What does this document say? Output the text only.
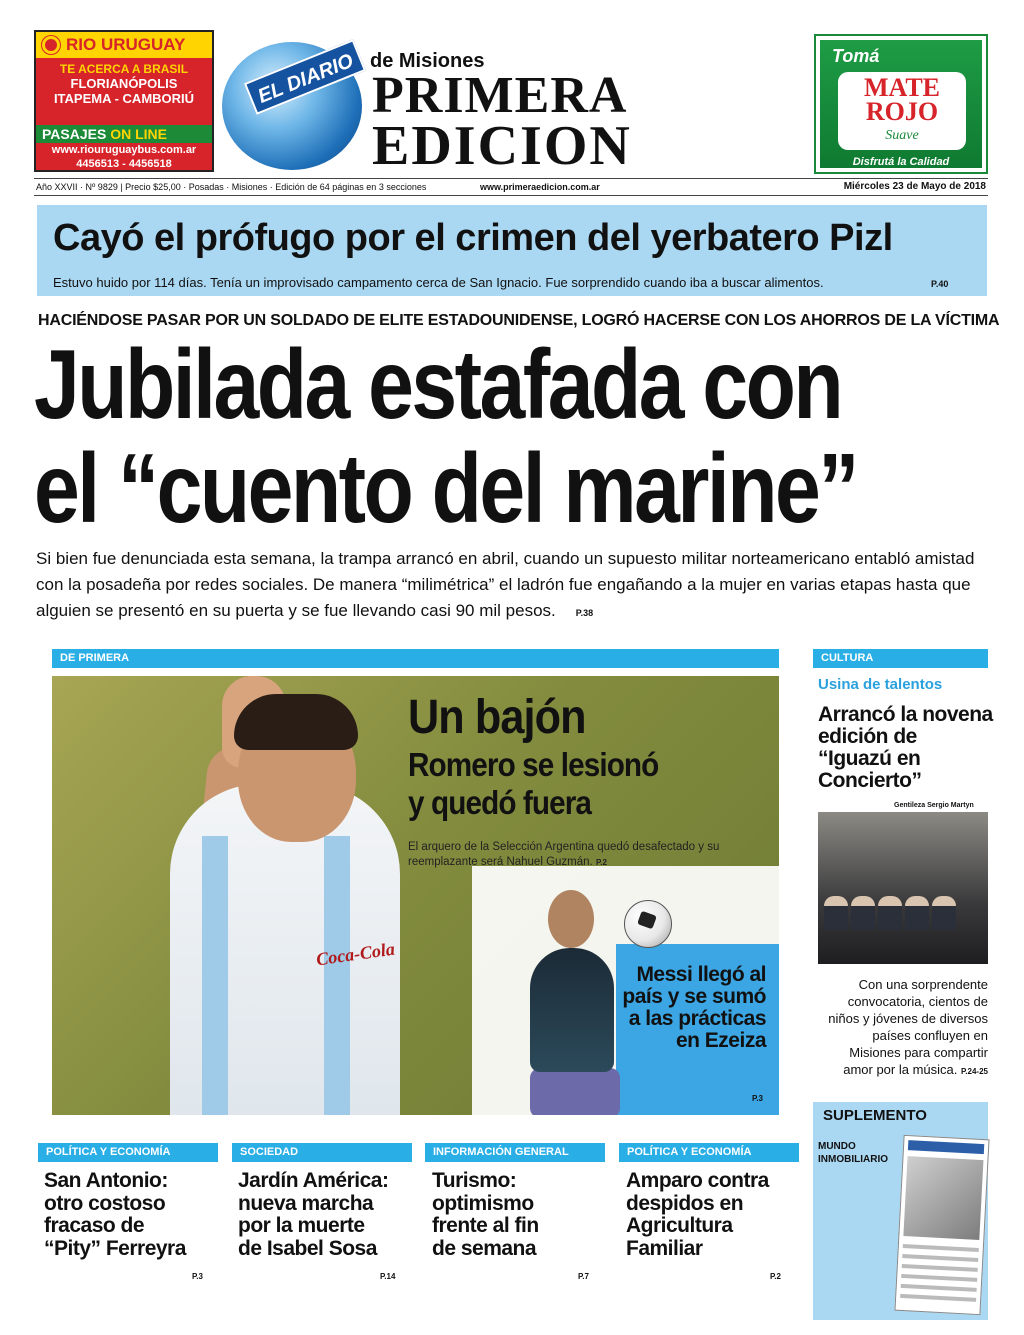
RIO URUGUAY
TE ACERCA A BRASIL
FLORIANÓPOLIS
ITAPEMA - CAMBORIÚ
PASAJES ON LINE
www.riouruguaybus.com.ar
4456513 - 4456518
EL DIARIO de Misiones
PRIMERA
EDICION
Tomá
MATE
ROJO
Suave
Disfrutá la Calidad
Año XXVII · Nº 9829 | Precio $25,00 · Posadas · Misiones · Edición de 64 páginas en 3 secciones	www.primeraedicion.com.ar	Miércoles 23 de Mayo de 2018
Cayó el prófugo por el crimen del yerbatero Pizl

Estuvo huido por 114 días. Tenía un improvisado campamento cerca de San Ignacio. Fue sorprendido cuando iba a buscar alimentos.	P.40
HACIÉNDOSE PASAR POR UN SOLDADO DE ELITE ESTADOUNIDENSE, LOGRÓ HACERSE CON LOS AHORROS DE LA VÍCTIMA
Jubilada estafada con
el “cuento del marine”
Si bien fue denunciada esta semana, la trampa arrancó en abril, cuando un supuesto militar norteamericano entabló amistad con la posadeña por redes sociales. De manera “milimétrica” el ladrón fue engañando a la mujer en varias etapas hasta que alguien se presentó en su puerta y se fue llevando casi 90 mil pesos. P.38
DE PRIMERA
Coca-Cola
Un bajón
Romero se lesionó
y quedó fuera
El arquero de la Selección Argentina quedó desafectado y su reemplazante será Nahuel Guzmán. P.2
Messi llegó al país y se sumó a las prácticas en Ezeiza
P.3
CULTURA
Usina de talentos
Arrancó la novena edición de “Iguazú en Concierto”
Gentileza Sergio Martyn
Con una sorprendente convocatoria, cientos de niños y jóvenes de diversos países confluyen en Misiones para compartir amor por la música. P.24-25
SUPLEMENTO
MUNDO
INMOBILIARIO
POLÍTICA Y ECONOMÍA
San Antonio:
otro costoso
fracaso de
“Pity” Ferreyra
P.3
SOCIEDAD
Jardín América:
nueva marcha
por la muerte
de Isabel Sosa
P.14
INFORMACIÓN GENERAL
Turismo:
optimismo
frente al fin
de semana
P.7
POLÍTICA Y ECONOMÍA
Amparo contra
despidos en
Agricultura
Familiar
P.2
